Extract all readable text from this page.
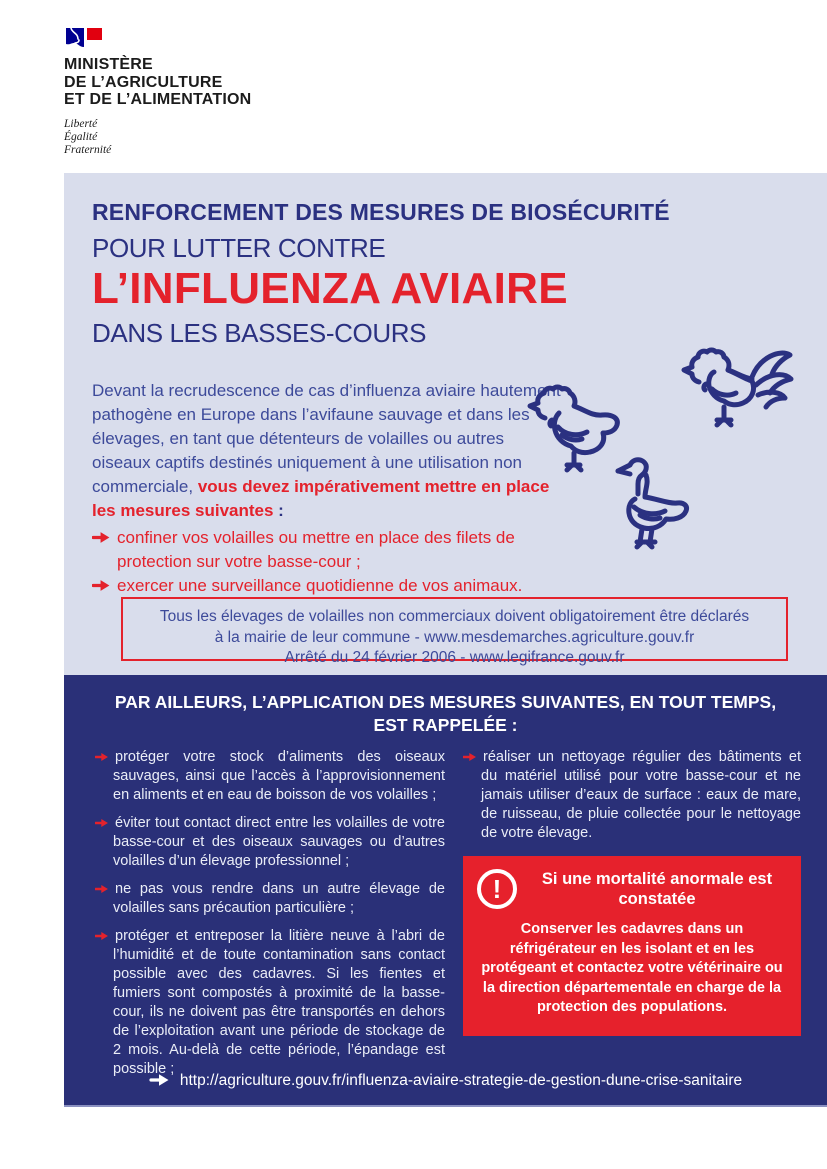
MINISTÈRE
DE L’AGRICULTURE
ET DE L’ALIMENTATION
Liberté
Égalité
Fraternité
RENFORCEMENT DES MESURES DE BIOSÉCURITÉ
POUR LUTTER CONTRE
L’INFLUENZA AVIAIRE
DANS LES BASSES-COURS
Devant la recrudescence de cas d’influenza aviaire hautement pathogène en Europe dans l’avifaune sauvage et dans les élevages, en tant que détenteurs de volailles ou autres oiseaux captifs destinés uniquement à une utilisation non commerciale, vous devez impérativement mettre en place les mesures suivantes :

confiner vos volailles ou mettre en place des filets de protection sur votre basse-cour ;

exercer une surveillance quotidienne de vos animaux.

Tous les élevages de volailles non commerciaux doivent obligatoirement être déclarés
à la mairie de leur commune - www.mesdemarches.agriculture.gouv.fr
Arrêté du 24 février 2006 - www.legifrance.gouv.fr
PAR AILLEURS, L’APPLICATION DES MESURES SUIVANTES, EN TOUT TEMPS,
EST RAPPELÉE :

protéger votre stock d’aliments des oiseaux sauvages, ainsi que l’accès à l’approvisionnement en aliments et en eau de boisson de vos volailles ;

éviter tout contact direct entre les volailles de votre basse-cour et des oiseaux sauvages ou d’autres volailles d’un élevage professionnel ;

ne pas vous rendre dans un autre élevage de volailles sans précaution particulière ;

protéger et entreposer la litière neuve à l’abri de l’humidité et de toute contamination sans contact possible avec des cadavres. Si les fientes et fumiers sont compostés à proximité de la basse-cour, ils ne doivent pas être transportés en dehors de l’exploitation avant une période de stockage de 2 mois. Au-delà de cette période, l’épandage est possible ;

réaliser un nettoyage régulier des bâtiments et du matériel utilisé pour votre basse-cour et ne jamais utiliser d’eaux de surface : eaux de mare, de ruisseau, de pluie collectée pour le nettoyage de votre élevage.

!	Si une mortalité anormale est constatée
Conserver les cadavres dans un réfrigérateur en les isolant et en les protégeant et contactez votre vétérinaire ou la direction départementale en charge de la protection des populations.
http://agriculture.gouv.fr/influenza-aviaire-strategie-de-gestion-dune-crise-sanitaire
